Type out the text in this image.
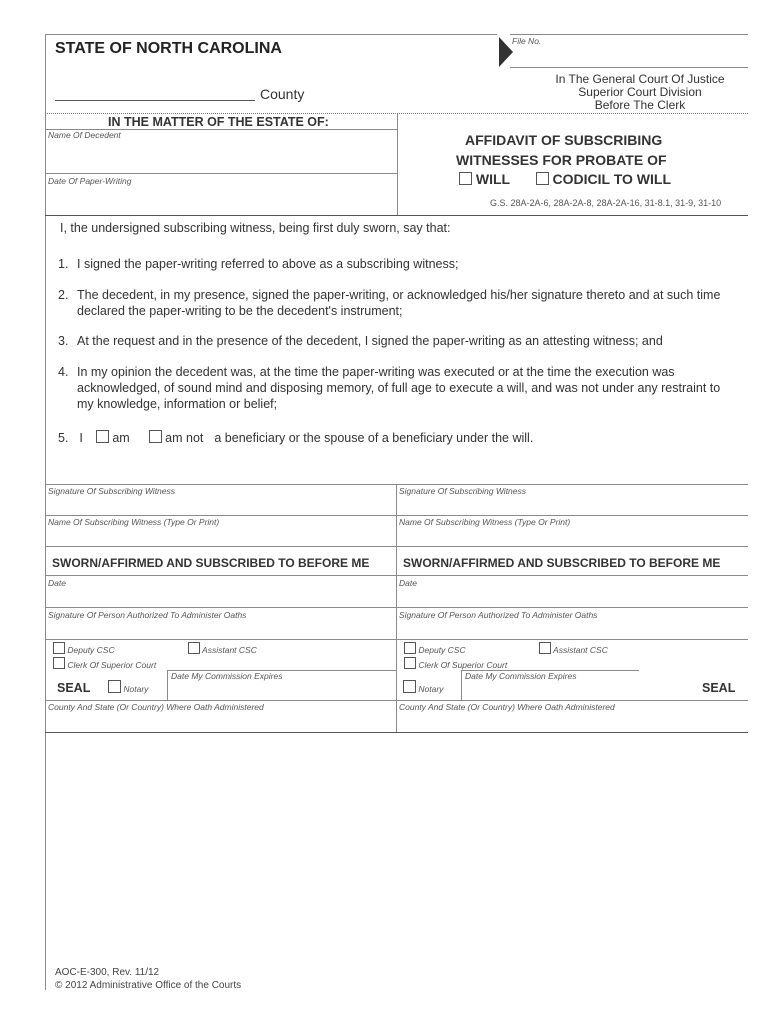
STATE OF NORTH CAROLINA	File No.
County
In The General Court Of Justice
Superior Court Division
Before The Clerk
IN THE MATTER OF THE ESTATE OF:
Name Of Decedent
Date Of Paper-Writing
AFFIDAVIT OF SUBSCRIBING
WITNESSES FOR PROBATE OF
WILL	CODICIL TO WILL
G.S. 28A-2A-6, 28A-2A-8, 28A-2A-16, 31-8.1, 31-9, 31-10
I, the undersigned subscribing witness, being first duly sworn, say that:
1. I signed the paper-writing referred to above as a subscribing witness;
2. The decedent, in my presence, signed the paper-writing, or acknowledged his/her signature thereto and at such time declared the paper-writing to be the decedent's instrument;
3. At the request and in the presence of the decedent, I signed the paper-writing as an attesting witness; and
4. In my opinion the decedent was, at the time the paper-writing was executed or at the time the execution was acknowledged, of sound mind and disposing memory, of full age to execute a will, and was not under any restraint to my knowledge, information or belief;
5. I am	am not a beneficiary or the spouse of a beneficiary under the will.
Signature Of Subscribing Witness
Name Of Subscribing Witness (Type Or Print)
SWORN/AFFIRMED AND SUBSCRIBED TO BEFORE ME
Date
Signature Of Person Authorized To Administer Oaths
Deputy CSC	Assistant CSC
Clerk Of Superior Court
Date My Commission Expires
SEAL	Notary
County And State (Or Country) Where Oath Administered
Signature Of Subscribing Witness
Name Of Subscribing Witness (Type Or Print)
SWORN/AFFIRMED AND SUBSCRIBED TO BEFORE ME
Date
Signature Of Person Authorized To Administer Oaths
Deputy CSC	Assistant CSC
Clerk Of Superior Court
Notary
Date My Commission Expires
SEAL
County And State (Or Country) Where Oath Administered
AOC-E-300, Rev. 11/12
© 2012 Administrative Office of the Courts
